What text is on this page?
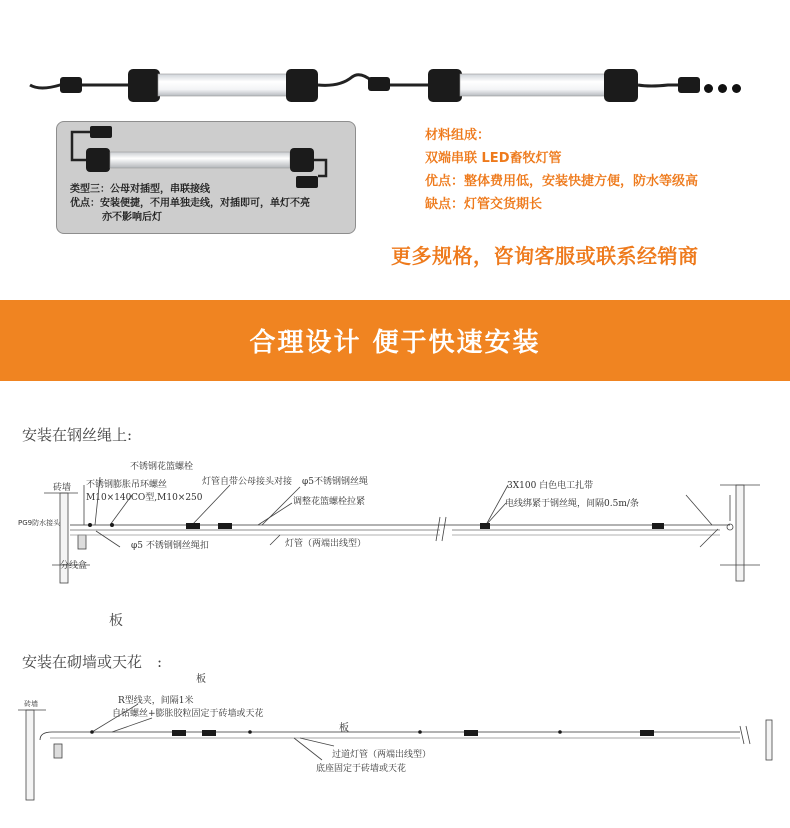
类型三：公母对插型，串联接线
优点：安装便捷，不用单独走线，对插即可，单灯不亮
亦不影响后灯
材料组成：
双端串联 LED畜牧灯管
优点：整体费用低，安装快捷方便，防水等级高
缺点：灯管交货期长
更多规格，咨询客服或联系经销商
合理设计 便于快速安装
安装在钢丝绳上:
不锈钢花篮螺栓
砖墙 不锈钢膨胀吊环螺丝
M10×140 CO型,M10×250
灯管自带公母接头对接 φ5不锈钢钢丝绳
调整花篮螺栓拉紧
PG9防水接头
φ5 不锈钢钢丝绳扣	灯管（两端出线型）
分线盒
3X100 白色电工扎带
电线绑紧于钢丝绳，间隔0.5m/条
板
安装在砌墙或天花　:
板
砖墙	R型线夹，间隔1米
自钻螺丝+膨胀胶粒固定于砖墙或天花
板
过道灯管（两端出线型）
底座固定于砖墙或天花
